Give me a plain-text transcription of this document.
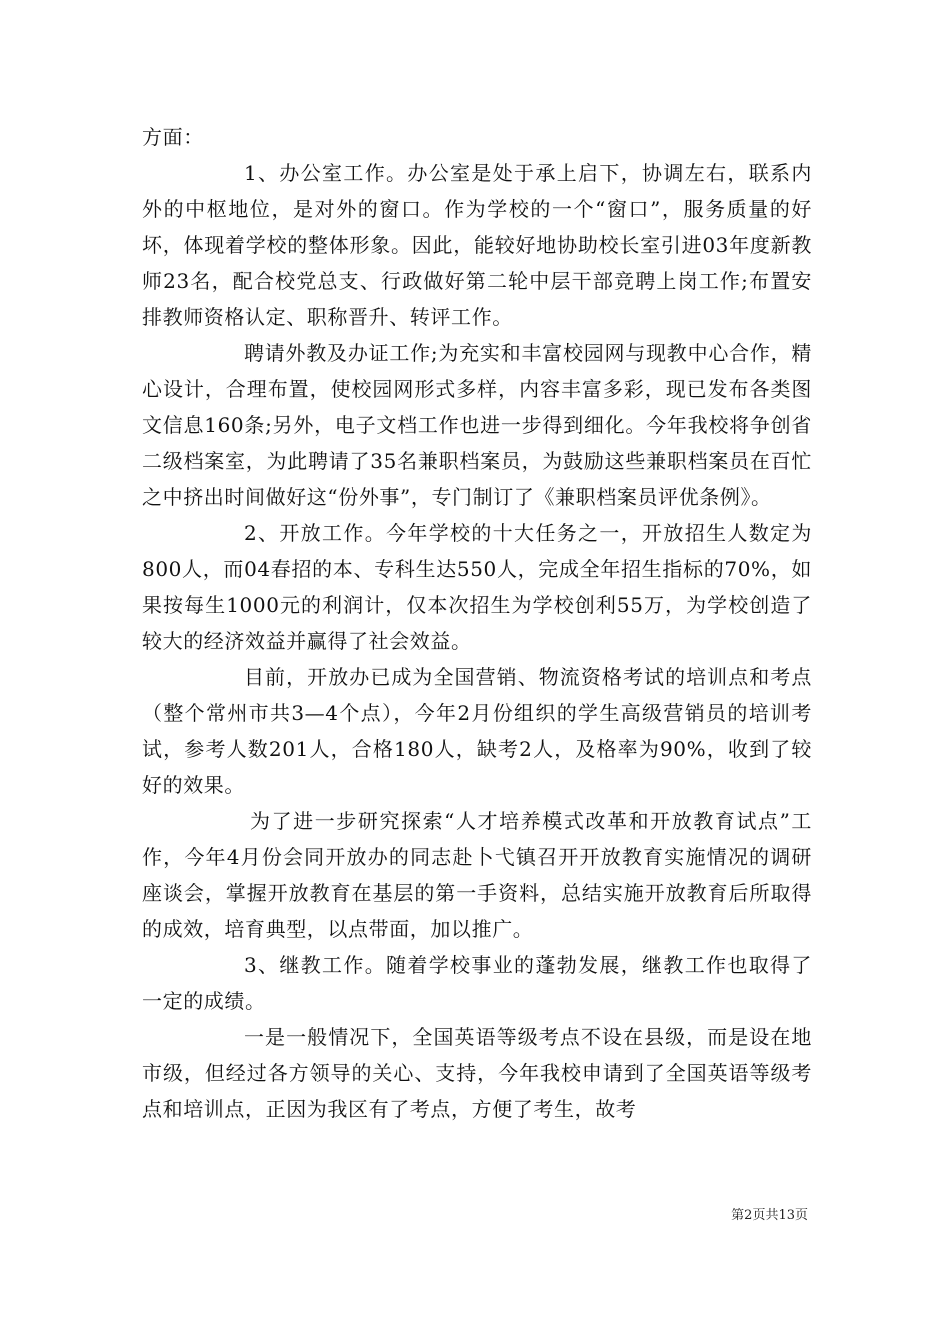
方面：

1、办公室工作。办公室是处于承上启下，协调左右，联系内外的中枢地位，是对外的窗口。作为学校的一个“窗口”，服务质量的好坏，体现着学校的整体形象。因此，能较好地协助校长室引进03年度新教师23名，配合校党总支、行政做好第二轮中层干部竞聘上岗工作;布置安排教师资格认定、职称晋升、转评工作。

聘请外教及办证工作;为充实和丰富校园网与现教中心合作，精心设计，合理布置，使校园网形式多样，内容丰富多彩，现已发布各类图文信息160条;另外，电子文档工作也进一步得到细化。今年我校将争创省二级档案室，为此聘请了35名兼职档案员，为鼓励这些兼职档案员在百忙之中挤出时间做好这“份外事”，专门制订了《兼职档案员评优条例》。

2、开放工作。今年学校的十大任务之一，开放招生人数定为800人，而04春招的本、专科生达550人，完成全年招生指标的70%，如果按每生1000元的利润计，仅本次招生为学校创利55万，为学校创造了较大的经济效益并赢得了社会效益。

目前，开放办已成为全国营销、物流资格考试的培训点和考点（整个常州市共3—4个点），今年2月份组织的学生高级营销员的培训考试，参考人数201人，合格180人，缺考2人，及格率为90%，收到了较好的效果。

为了进一步研究探索“人才培养模式改革和开放教育试点”工作，今年4月份会同开放办的同志赴卜弋镇召开开放教育实施情况的调研座谈会，掌握开放教育在基层的第一手资料，总结实施开放教育后所取得的成效，培育典型，以点带面，加以推广。

3、继教工作。随着学校事业的蓬勃发展，继教工作也取得了一定的成绩。

一是一般情况下，全国英语等级考点不设在县级，而是设在地市级，但经过各方领导的关心、支持，今年我校申请到了全国英语等级考点和培训点，正因为我区有了考点，方便了考生，故考

第2页共13页
